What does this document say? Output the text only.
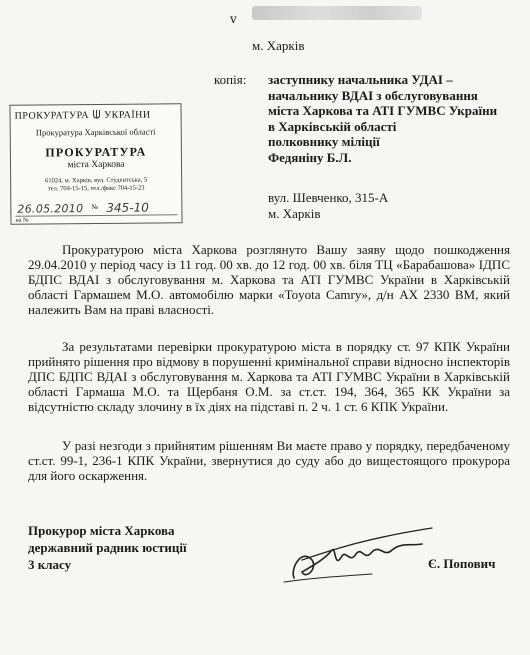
ⅴ
м. Харків
копія: заступнику начальника УДАІ –
начальнику ВДАІ з обслуговування
міста Харкова та АТІ ГУМВС України
в Харківській області
полковнику міліції
Федяніну Б.Л.
вул. Шевченко, 315-А
м. Харків
ПРОКУРАТУРА УКРАЇНИ
Прокуратура Харківської області
ПРОКУРАТУРА
міста Харкова
61024, м. Харків, вул. Студентська, 5
тел. 704-15-15, тел./факс 704-15-23
26.05.2010 № 345-10
на №
Прокуратурою міста Харкова розглянуто Вашу заяву щодо пошкодження 29.04.2010 у період часу із 11 год. 00 хв. до 12 год. 00 хв. біля ТЦ «Барабашова» ІДПС БДПС ВДАІ з обслуговування м. Харкова та АТІ ГУМВС України в Харківській області Гармашем М.О. автомобілю марки «Toyota Camry», д/н АХ 2330 ВМ, який належить Вам на праві власності.
За результатами перевірки прокуратурою міста в порядку ст. 97 КПК України прийнято рішення про відмову в порушенні кримінальної справи відносно інспекторів ДПС БДПС ВДАІ з обслуговування м. Харкова та АТІ ГУМВС України в Харківській області Гармаша М.О. та Щербаня О.М. за ст.ст. 194, 364, 365 КК України за відсутністю складу злочину в їх діях на підставі п. 2 ч. 1 ст. 6 КПК України.
У разі незгоди з прийнятим рішенням Ви маєте право у порядку, передбаченому ст.ст. 99-1, 236-1 КПК України, звернутися до суду або до вищестоящого прокурора для його оскарження.
Прокурор міста Харкова
державний радник юстиції
3 класу	Є. Попович
